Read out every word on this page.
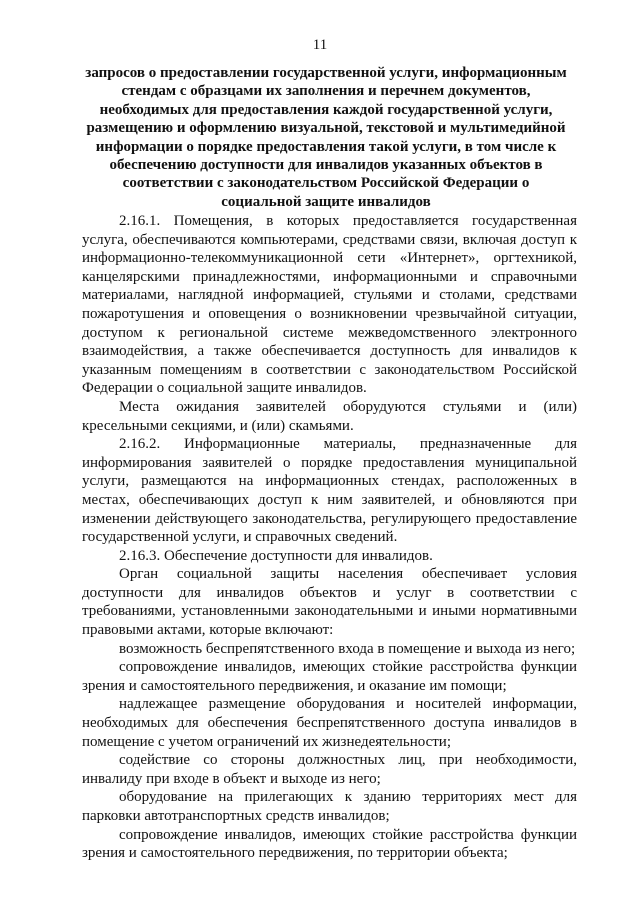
11
запросов о предоставлении государственной услуги, информационным
стендам с образцами их заполнения и перечнем документов,
необходимых для предоставления каждой государственной услуги,
размещению и оформлению визуальной, текстовой и мультимедийной
информации о порядке предоставления такой услуги, в том числе к
обеспечению доступности для инвалидов указанных объектов в
соответствии с законодательством Российской Федерации о
социальной защите инвалидов

2.16.1. Помещения, в которых предоставляется государственная услуга, обеспечиваются компьютерами, средствами связи, включая доступ к информационно-телекоммуникационной сети «Интернет», оргтехникой, канцелярскими принадлежностями, информационными и справочными материалами, наглядной информацией, стульями и столами, средствами пожаротушения и оповещения о возникновении чрезвычайной ситуации, доступом к региональной системе межведомственного электронного взаимодействия, а также обеспечивается доступность для инвалидов к указанным помещениям в соответствии с законодательством Российской Федерации о социальной защите инвалидов.

Места ожидания заявителей оборудуются стульями и (или) кресельными секциями, и (или) скамьями.

2.16.2. Информационные материалы, предназначенные для информирования заявителей о порядке предоставления муниципальной услуги, размещаются на информационных стендах, расположенных в местах, обеспечивающих доступ к ним заявителей, и обновляются при изменении действующего законодательства, регулирующего предоставление государственной услуги, и справочных сведений.

2.16.3. Обеспечение доступности для инвалидов.

Орган социальной защиты населения обеспечивает условия доступности для инвалидов объектов и услуг в соответствии с требованиями, установленными законодательными и иными нормативными правовыми актами, которые включают:

возможность беспрепятственного входа в помещение и выхода из него;

сопровождение инвалидов, имеющих стойкие расстройства функции зрения и самостоятельного передвижения, и оказание им помощи;

надлежащее размещение оборудования и носителей информации, необходимых для обеспечения беспрепятственного доступа инвалидов в помещение с учетом ограничений их жизнедеятельности;

содействие со стороны должностных лиц, при необходимости, инвалиду при входе в объект и выходе из него;

оборудование на прилегающих к зданию территориях мест для парковки автотранспортных средств инвалидов;

сопровождение инвалидов, имеющих стойкие расстройства функции зрения и самостоятельного передвижения, по территории объекта;
